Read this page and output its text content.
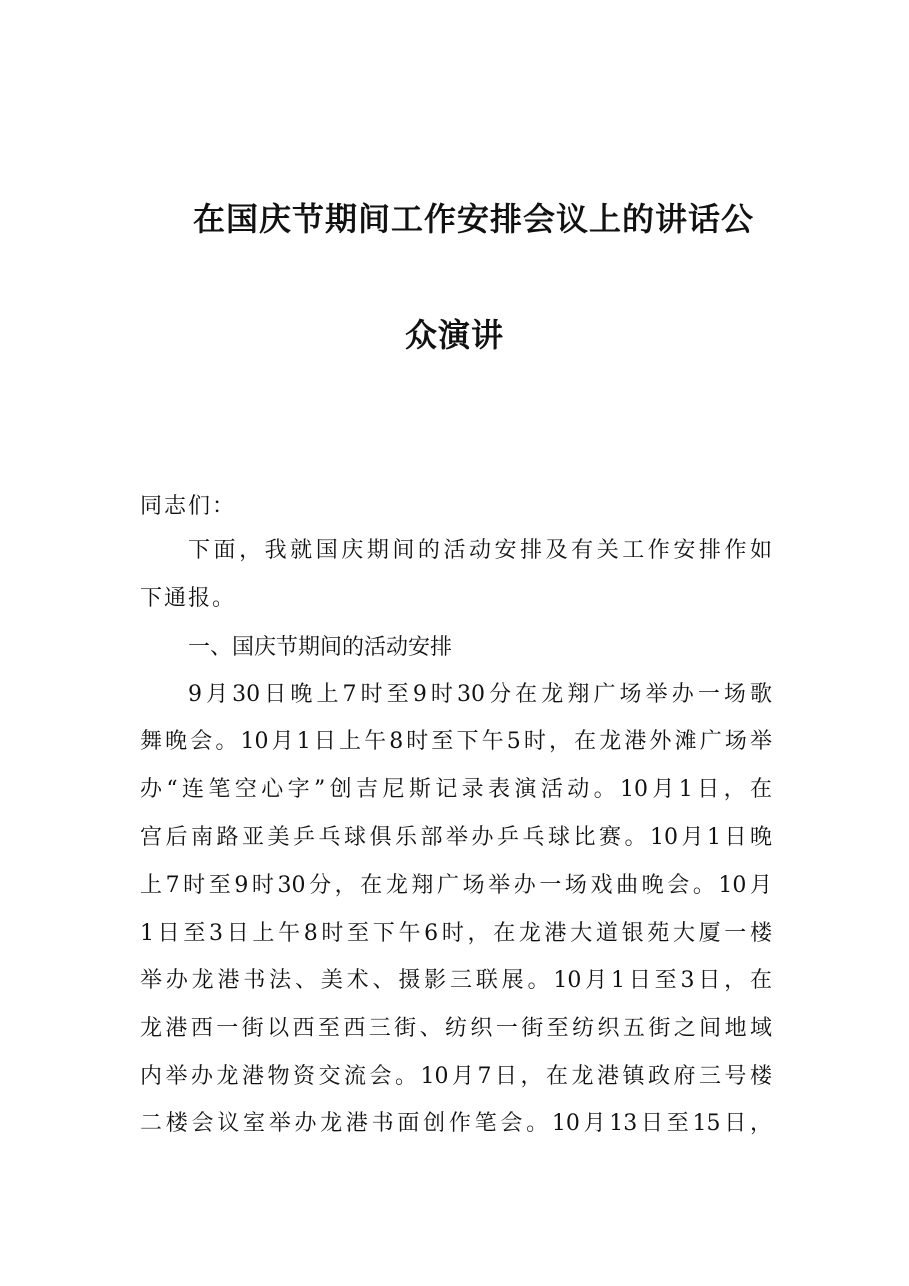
在国庆节期间工作安排会议上的讲话公
众演讲
同志们：
下面，我就国庆期间的活动安排及有关工作安排作如
下通报。
一、国庆节期间的活动安排
9月30日晚上7时至9时30分在龙翔广场举办一场歌
舞晚会。10月1日上午8时至下午5时，在龙港外滩广场举
办“连笔空心字”创吉尼斯记录表演活动。10月1日，在
宫后南路亚美乒乓球俱乐部举办乒乓球比赛。10月1日晚
上7时至9时30分，在龙翔广场举办一场戏曲晚会。10月
1日至3日上午8时至下午6时，在龙港大道银苑大厦一楼
举办龙港书法、美术、摄影三联展。10月1日至3日，在
龙港西一街以西至西三街、纺织一街至纺织五街之间地域
内举办龙港物资交流会。10月7日，在龙港镇政府三号楼
二楼会议室举办龙港书面创作笔会。10月13日至15日，
